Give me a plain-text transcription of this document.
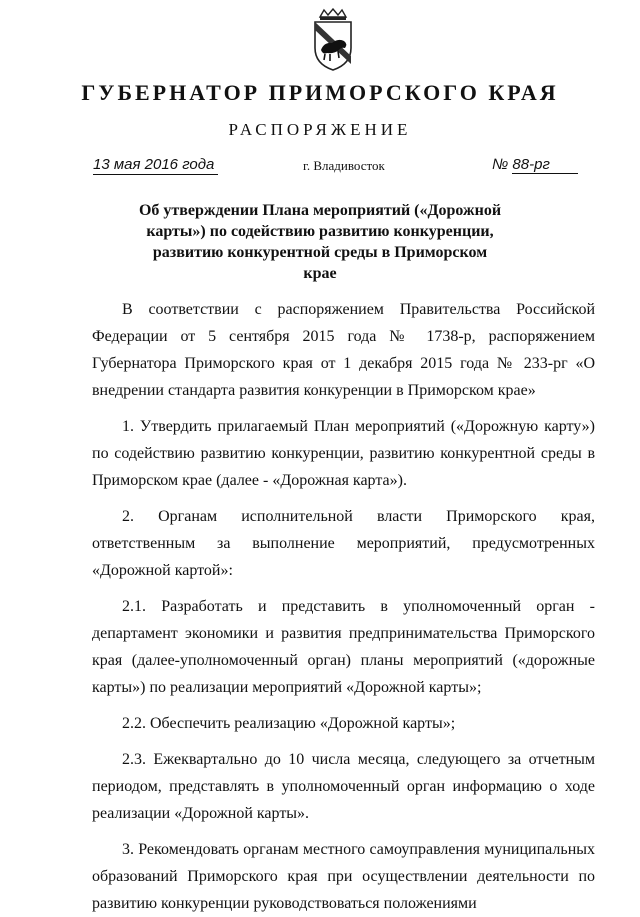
ГУБЕРНАТОР ПРИМОРСКОГО КРАЯ
РАСПОРЯЖЕНИЕ
13 мая 2016 года	г. Владивосток	№ 88-рг
Об утверждении Плана мероприятий («Дорожной
карты») по содействию развитию конкуренции,
развитию конкурентной среды в Приморском
крае

В соответствии с распоряжением Правительства Российской Федерации от 5 сентября 2015 года № 1738-р, распоряжением Губернатора Приморского края от 1 декабря 2015 года № 233-рг «О внедрении стандарта развития конкуренции в Приморском крае»

1. Утвердить прилагаемый План мероприятий («Дорожную карту») по содействию развитию конкуренции, развитию конкурентной среды в Приморском крае (далее - «Дорожная карта»).

2. Органам исполнительной власти Приморского края, ответственным за выполнение мероприятий, предусмотренных «Дорожной картой»:

2.1. Разработать и представить в уполномоченный орган - департамент экономики и развития предпринимательства Приморского края (далее-уполномоченный орган) планы мероприятий («дорожные карты») по реализации мероприятий «Дорожной карты»;

2.2. Обеспечить реализацию «Дорожной карты»;

2.3. Ежеквартально до 10 числа месяца, следующего за отчетным периодом, представлять в уполномоченный орган информацию о ходе реализации «Дорожной карты».

3. Рекомендовать органам местного самоуправления муниципальных образований Приморского края при осуществлении деятельности по развитию конкуренции руководствоваться положениями
